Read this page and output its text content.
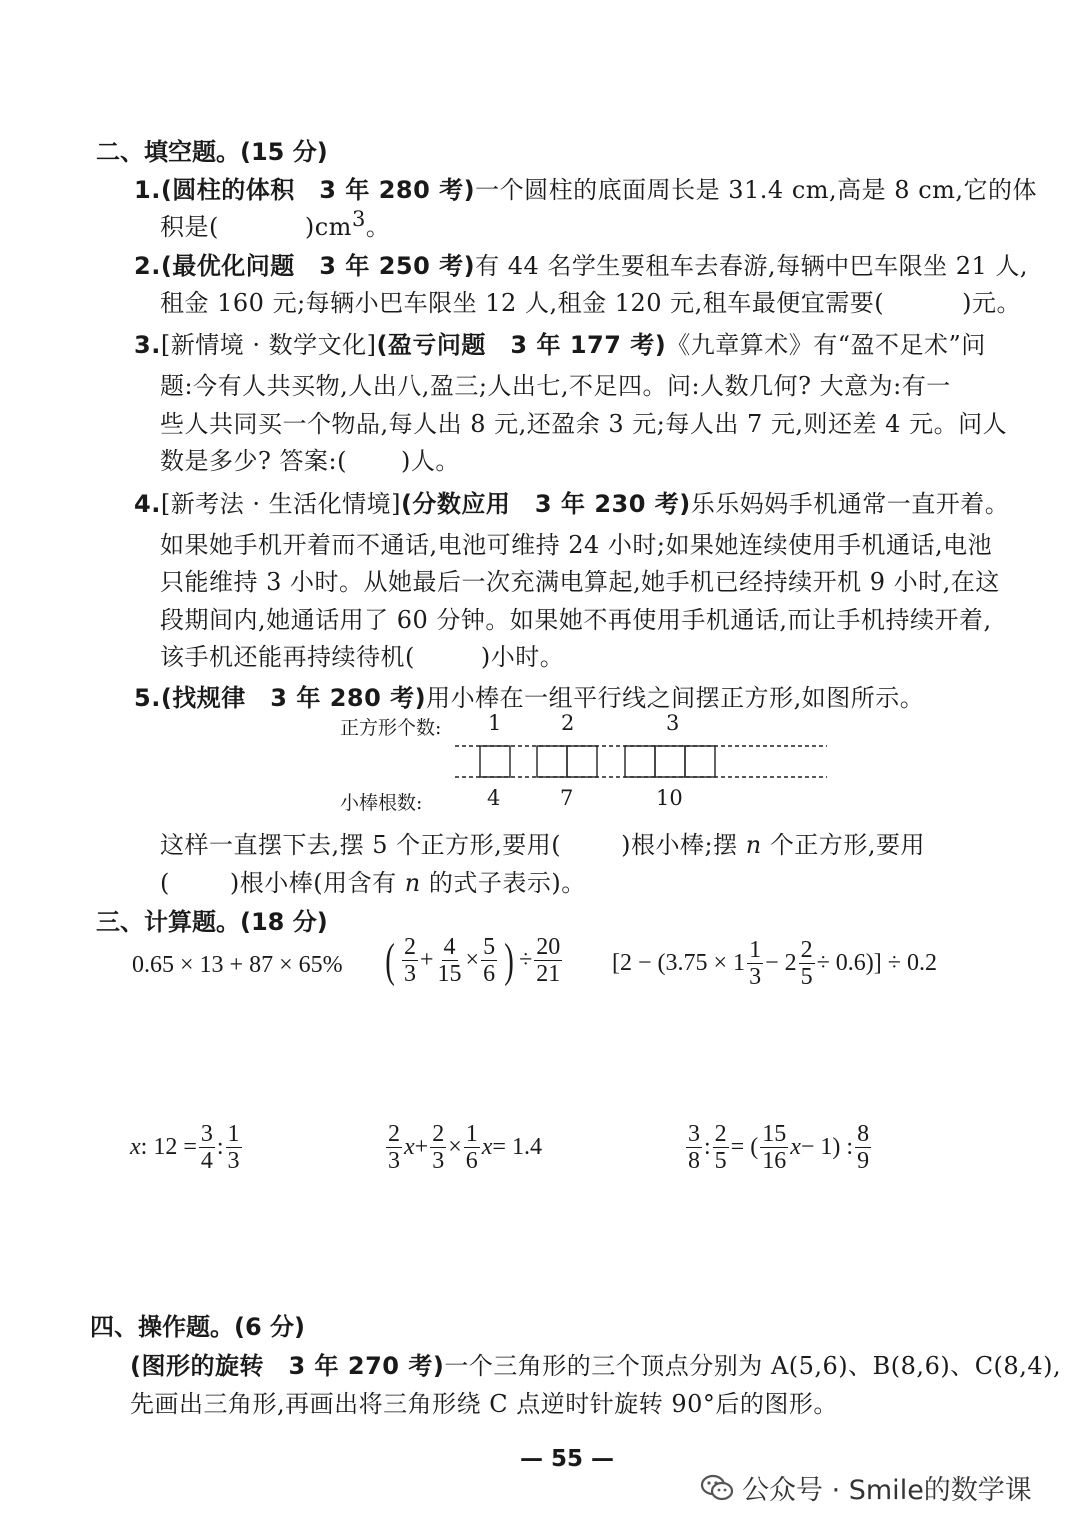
二、填空题。(15 分)
1.(圆柱的体积　3 年 280 考)一个圆柱的底面周长是 31.4 cm,高是 8 cm,它的体
积是(	)$cm^3$。
2.(最优化问题　3 年 250 考)有 44 名学生要租车去春游,每辆中巴车限坐 21 人,
租金 160 元;每辆小巴车限坐 12 人,租金 120 元,租车最便宜需要(	)元。
3.[新情境 · 数学文化](盈亏问题　3 年 177 考)《九章算术》有“盈不足术”问
题:今有人共买物,人出八,盈三;人出七,不足四。问:人数几何? 大意为:有一
些人共同买一个物品,每人出 8 元,还盈余 3 元;每人出 7 元,则还差 4 元。问人
数是多少? 答案:( )人。
4.[新考法 · 生活化情境](分数应用　3 年 230 考)乐乐妈妈手机通常一直开着。
如果她手机开着而不通话,电池可维持 24 小时;如果她连续使用手机通话,电池
只能维持 3 小时。从她最后一次充满电算起,她手机已经持续开机 9 小时,在这
段期间内,她通话用了 60 分钟。如果她不再使用手机通话,而让手机持续开着,
该手机还能再持续待机(	)小时。
5.(找规律　3 年 280 考)用小棒在一组平行线之间摆正方形,如图所示。
正方形个数: 1	2	3
小棒根数:	4	7	10
这样一直摆下去,摆 5 个正方形,要用(	)根小棒;摆 n 个正方形,要用
(	)根小棒(用含有 n 的式子表示)。
三、计算题。(18 分)
0.65 × 13 + 87 × 65% ( $\frac{2}{3} + \frac{4}{15} \times \frac{5}{6}$ ) ÷ $\frac{20}{21} [2 - (3.75 \times 1 \frac{1}{3} - 2 \frac{2}{5} \div 0.6)] \div 0.2$
x : $12 = \frac{3}{4}$ : $\frac{1}{3}$	$\frac{2}{3}$ $x + \frac{2}{3} \times \frac{1}{6}$ x = 1.4	$\frac{3}{8}$ : $\frac{2}{5}$ = ( $\frac{15}{16}$ x − 1) : $\frac{8}{9}$
四、操作题。(6 分)
(图形的旋转　3 年 270 考)一个三角形的三个顶点分别为 A(5,6)、B(8,6)、C(8,4),
先画出三角形,再画出将三角形绕 C 点逆时针旋转 90°后的图形。
— 55 —
公众号 · Smile的数学课
